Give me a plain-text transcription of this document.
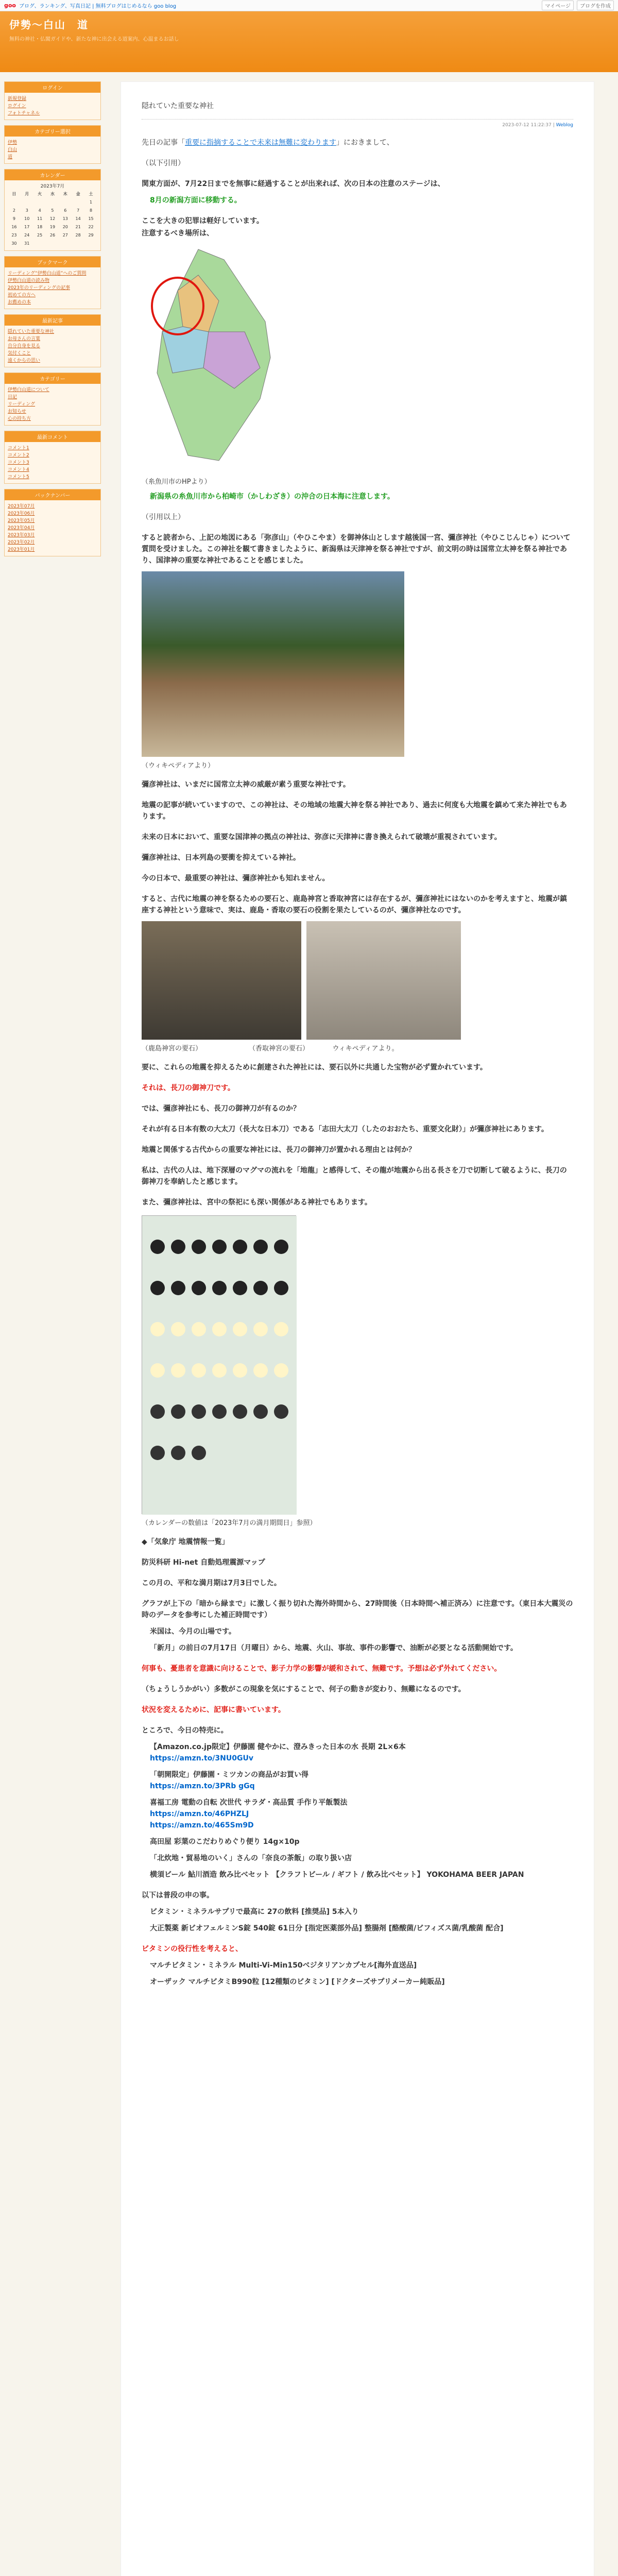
goo ブログ、ランキング、写真日記 | 無料ブログはじめるなら goo blog	マイページ	ブログを作成
伊勢～白山　道
無料の神社・仏閣ガイドや、新たな神に出会える道案内、心温まるお話し
ログイン
新規登録
ログイン
フォトチャネル
カテゴリー選択
伊勢
白山
道
カレンダー
2023年7月
日	月	火	水	木	金	土
						1
2	3	4	5	6	7	8
9	10	11	12	13	14	15
16	17	18	19	20	21	22
23	24	25	26	27	28	29
30	31					
ブックマーク
リーディング“伊勢白山道”へのご質問
伊勢白山道の読み物
2023年のリーディングの記事
初めての方へ
お薦めの本
最新記事
隠れていた重要な神社
お母さんの言葉
自分自身を見る
気付くこと
遠くからの思い
カテゴリー
伊勢白山道について
日記
リーディング
お知らせ
心の持ち方
最新コメント
コメント1
コメント2
コメント3
コメント4
コメント5
バックナンバー
2023年07月
2023年06月
2023年05月
2023年04月
2023年03月
2023年02月
2023年01月
隠れていた重要な神社
2023-07-12 11:22:37 | Weblog
先日の記事「重要に指摘することで未来は無難に変わります」におきまして、
（以下引用）
関東方面が、7月22日までを無事に経過することが出来れば、次の日本の注意のステージは、
8月の新潟方面に移動する。
ここを大きの犯罪は軽好しています。
注意するべき場所は、
（糸魚川市のHPより）
新潟県の糸魚川市から柏崎市（かしわざき）の沖合の日本海に注意します。
（引用以上）
すると読者から、上記の地図にある「弥彦山」（やひこやま）を御神体山とします越後国一宮、彌彦神社（やひこじんじゃ）について質問を受けました。この神社を観て書きましたように、新潟県は天津神を祭る神社ですが、前文明の時は国常立太神を祭る神社であり、国津神の重要な神社であることを感じました。
（ウィキペディアより）
彌彦神社は、いまだに国常立太神の威厳が素う重要な神社です。
地震の記事が続いていますので、この神社は、その地域の地震大神を祭る神社であり、過去に何度も大地震を鎮めて来た神社でもあります。
未来の日本において、重要な国津神の拠点の神社は、弥彦に天津神に書き換えられて破壊が重視されています。
彌彦神社は、日本列島の要衝を抑えている神社。
今の日本で、最重要の神社は、彌彦神社かも知れません。
すると、古代に地震の神を祭るための要石と、鹿島神宮と香取神宮には存在するが、彌彦神社にはないのかを考えますと、地震が鎮座する神社という意味で、実は、鹿島・香取の要石の役割を果たしているのが、彌彦神社なのです。
（鹿島神宮の要石）　　　　　　　　（香取神宮の要石）　　　　ウィキペディアより。
要に、これらの地震を抑えるために創建された神社には、要石以外に共通した宝物が必ず置かれています。
それは、長刀の御神刀です。
では、彌彦神社にも、長刀の御神刀が有るのか？
それが有る日本有数の大太刀（長大な日本刀）である「志田大太刀（したのおおたち、重要文化財）」が彌彦神社にあります。
地震と関係する古代からの重要な神社には、長刀の御神刀が置かれる理由とは何か？
私は、古代の人は、地下深層のマグマの流れを「地龍」と感得して、その龍が地震から出る長さを刀で切断して破るように、長刀の御神刀を奉納したと感じます。
また、彌彦神社は、宮中の祭祀にも深い関係がある神社でもあります。
（カレンダーの数値は「2023年7月の満月期間日」参照）
◆「気象庁 地震情報一覧」
防災科研 Hi-net 自動処理震源マップ
この月の、平和な満月期は7月3日でした。
グラフが上下の「暗から緑まで」に激しく振り切れた海外時間から、27時間後（日本時間へ補正済み）に注意です。（東日本大震災の時のデータを参考にした補正時間です）
米国は、今月の山場です。
「新月」の前日の7月17日（月曜日）から、地震、火山、事故、事件の影響で、油断が必要となる活動開始です。
何事も、憂患者を意識に向けることで、影子力学の影響が緩和されて、無難です。予想は必ず外れてください。
（ちょうしうかがい）多数がこの現象を気にすることで、何子の動きが変わり、無難になるのです。
状況を変えるために、記事に書いています。
ところで、今日の特売に。
【Amazon.co.jp限定】伊藤園 健やかに、澄みきった日本の水 長期 2L×6本
https://amzn.to/3NU0GUv
「朝開限定」伊藤園・ミツカンの商品がお買い得
https://amzn.to/3PRb gGq
喜福工房 電動の自転 次世代 サラダ・高品質 手作り平飯製法
https://amzn.to/46PHZLJ
https://amzn.to/465Sm9D
高田屋 彩葉のこだわりめぐり便り 14g×10p
「北炊地・貿易地のいく」さんの「奈良の茶飯」の取り扱い店
横須ビール 鮎川酒造 飲み比べセット 【クラフトビール / ギフト / 飲み比べセット】 YOKOHAMA BEER JAPAN
以下は普段の申の事。
ビタミン・ミネラルサプリで最高に 27の飲料 [推奨品] 5本入り
大正製薬 新ビオフェルミンS錠 540錠 61日分 [指定医薬部外品] 整腸剤 [酪酸菌/ビフィズス菌/乳酸菌 配合]
ビタミンの役行性を考えると、
マルチビタミン・ミネラル Multi-Vi-Min150ベジタリアンカプセル[海外直送品]
オーザック マルチビタミB990粒 [12種類のビタミン] [ドクターズサプリメーカー純販品]
